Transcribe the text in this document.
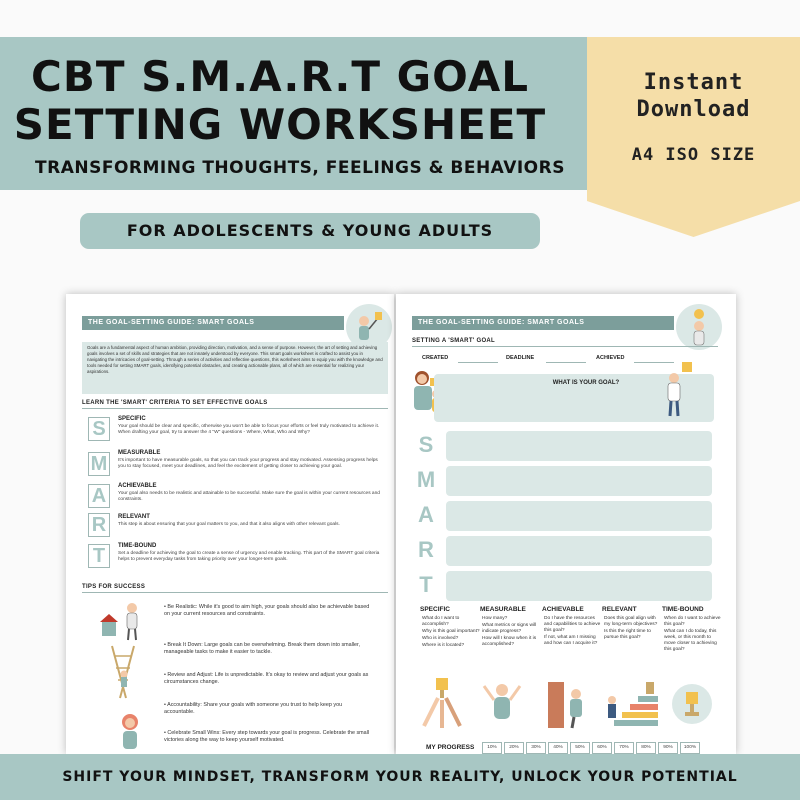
CBT S.M.A.R.T GOAL
SETTING WORKSHEET
TRANSFORMING THOUGHTS, FEELINGS & BEHAVIORS
Instant
Download
A4 ISO SIZE
FOR ADOLESCENTS & YOUNG ADULTS
THE GOAL-SETTING GUIDE: SMART GOALS
Goals are a fundamental aspect of human ambition, providing direction, motivation, and a sense of purpose. However, the art of setting and achieving goals involves a set of skills and strategies that are not innately understood by everyone. This smart goals worksheet is crafted to assist you in navigating the intricacies of goal-setting. Through a series of activities and reflective questions, this worksheet aims to equip you with the knowledge and tools needed for setting SMART goals, identifying potential obstacles, and creating actionable plans, all of which are essential for realizing your aspirations.
LEARN THE 'SMART' CRITERIA TO SET EFFECTIVE GOALS
S	SPECIFIC
Your goal should be clear and specific, otherwise you won't be able to focus your efforts or feel truly motivated to achieve it. When drafting your goal, try to answer the 4 "W" questions - Where, What, Who and Why?
M	MEASURABLE
It's important to have measurable goals, so that you can track your progress and stay motivated. Assessing progress helps you to stay focused, meet your deadlines, and feel the excitement of getting closer to achieving your goal.
A	ACHIEVABLE
Your goal also needs to be realistic and attainable to be successful. Make sure the goal is within your current resources and constraints.
R	RELEVANT
This step is about ensuring that your goal matters to you, and that it also aligns with other relevant goals.
T	TIME-BOUND
Set a deadline for achieving the goal to create a sense of urgency and enable tracking. This part of the SMART goal criteria helps to prevent everyday tasks from taking priority over your longer-term goals.
TIPS FOR SUCCESS
• Be Realistic: While it's good to aim high, your goals should also be achievable based on your current resources and constraints.
• Break It Down: Large goals can be overwhelming. Break them down into smaller, manageable tasks to make it easier to tackle.
• Review and Adjust: Life is unpredictable. It's okay to review and adjust your goals as circumstances change.
• Accountability: Share your goals with someone you trust to help keep you accountable.
• Celebrate Small Wins: Every step towards your goal is progress. Celebrate the small victories along the way to keep yourself motivated.
THE GOAL-SETTING GUIDE: SMART GOALS
SETTING A 'SMART' GOAL
CREATED	DEADLINE	ACHIEVED
WHAT IS YOUR GOAL?
S
M
A
R
T
SPECIFIC
What do I want to accomplish?
Why is this goal important?
Who is involved?
Where is it located?
MEASURABLE
How many?
What metrics or signs will indicate progress?
How will I know when it is accomplished?
ACHIEVABLE
Do I have the resources and capabilities to achieve this goal?
If not, what am I missing and how can I acquire it?
RELEVANT
Does this goal align with my long-term objectives?
Is this the right time to pursue this goal?
TIME-BOUND
When do I want to achieve this goal?
What can I do today, this week, or this month to move closer to achieving this goal?
MY PROGRESS	10%	20%	30%	40%	50%	60%	70%	80%	90%	100%
SHIFT YOUR MINDSET, TRANSFORM YOUR REALITY, UNLOCK YOUR POTENTIAL
